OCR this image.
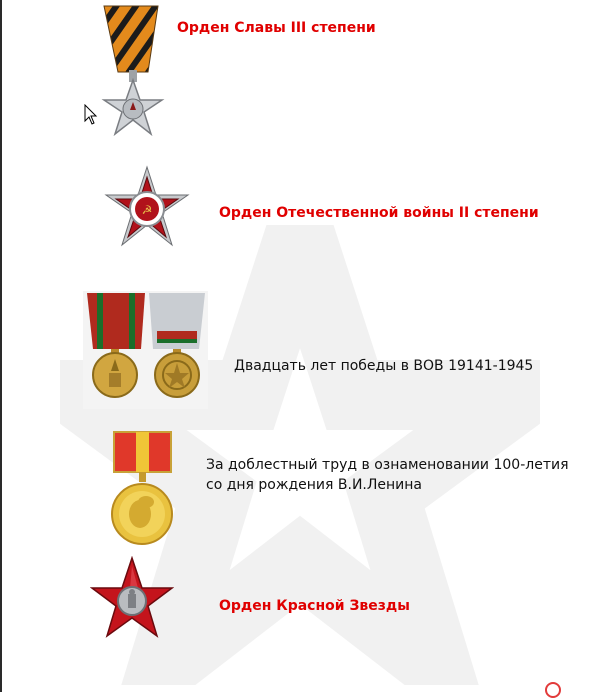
Орден Славы III степени
☭	Орден Отечественной войны II степени
Двадцать лет победы в ВОВ 19141-1945
За доблестный труд в ознаменовании 100-летия
со дня рождения В.И.Ленина
Орден Красной Звезды
